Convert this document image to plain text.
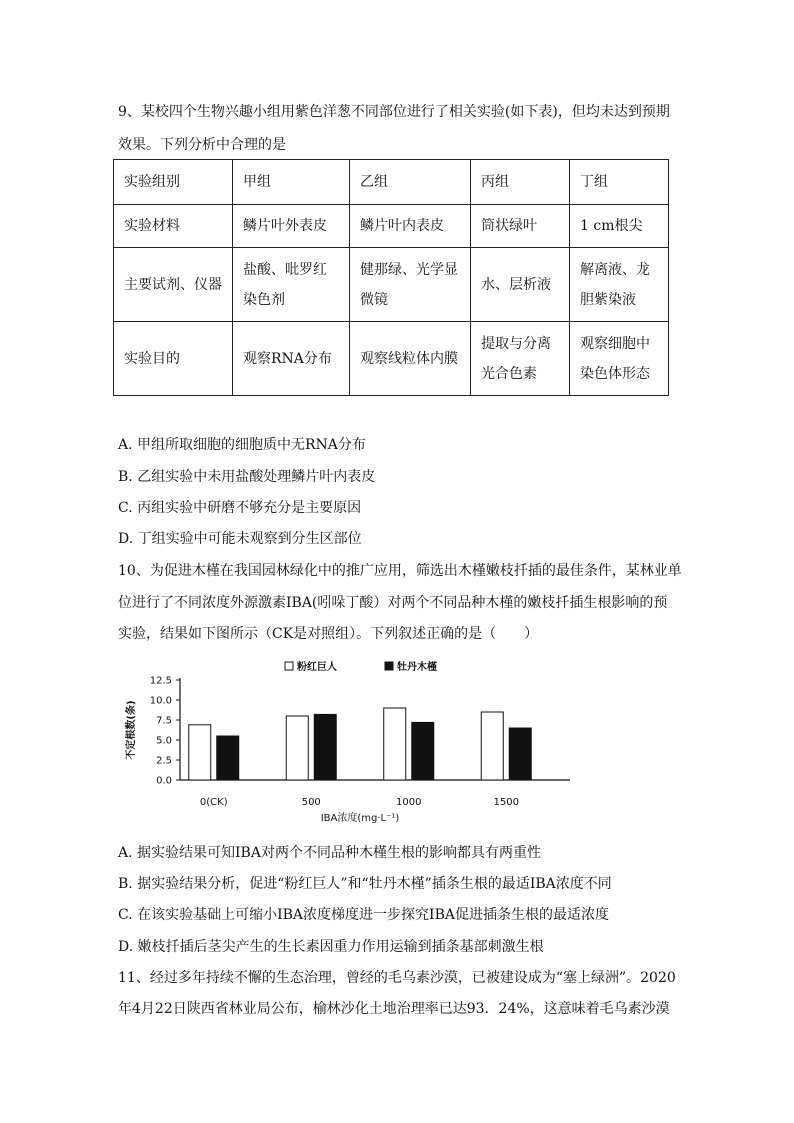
9、某校四个生物兴趣小组用紫色洋葱不同部位进行了相关实验(如下表)，但均未达到预期
效果。下列分析中合理的是
实验组别	甲组	乙组	丙组	丁组
实验材料	鳞片叶外表皮	鳞片叶内表皮	筒状绿叶	1 cm根尖
主要试剂、仪器	盐酸、吡罗红染色剂	健那绿、光学显微镜	水、层析液	解离液、龙胆紫染液
实验目的	观察RNA分布	观察线粒体内膜	提取与分离光合色素	观察细胞中染色体形态
A. 甲组所取细胞的细胞质中无RNA分布
B. 乙组实验中未用盐酸处理鳞片叶内表皮
C. 丙组实验中研磨不够充分是主要原因
D. 丁组实验中可能未观察到分生区部位
10、为促进木槿在我国园林绿化中的推广应用，筛选出木槿嫩枝扦插的最佳条件，某林业单
位进行了不同浓度外源激素IBA(吲哚丁酸）对两个不同品种木槿的嫩枝扦插生根影响的预
实验，结果如下图所示（CK是对照组）。下列叙述正确的是（　　）
0.0
2.5
5.0
7.5
10.0
12.5
不定根数(条)
0(CK)	500	1000	1500
IBA浓度(mg·L⁻¹)
粉红巨人	牡丹木槿
A. 据实验结果可知IBA对两个不同品种木槿生根的影响都具有两重性
B. 据实验结果分析，促进“粉红巨人”和“牡丹木槿”插条生根的最适IBA浓度不同
C. 在该实验基础上可缩小IBA浓度梯度进一步探究IBA促进插条生根的最适浓度
D. 嫩枝扦插后茎尖产生的生长素因重力作用运输到插条基部刺激生根
11、经过多年持续不懈的生态治理，曾经的毛乌素沙漠，已被建设成为“塞上绿洲”。2020
年4月22日陕西省林业局公布，榆林沙化土地治理率已达93．24%，这意味着毛乌素沙漠
